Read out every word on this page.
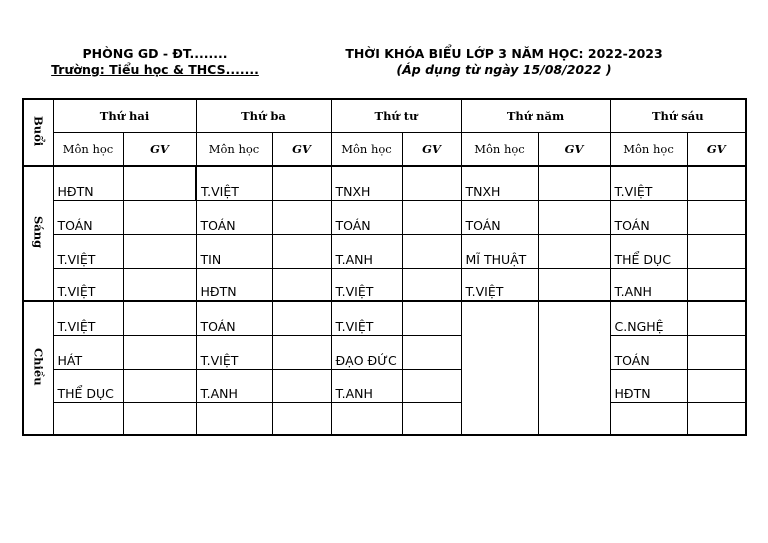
PHÒNG GD - ĐT........
Trường: Tiểu học & THCS.......
THỜI KHÓA BIỂU LỚP 3 NĂM HỌC: 2022-2023
(Áp dụng từ ngày 15/08/2022 )
Buổi	Thứ hai		Thứ ba		Thứ tư		Thứ năm		Thứ sáu	
	Môn học	GV	Môn học	GV	Môn học	GV	Môn học	GV	Môn học	GV
Sáng	HĐTN		T.VIỆT		TNXH		TNXH		T.VIỆT	
	TOÁN		TOÁN		TOÁN		TOÁN		TOÁN	
	T.VIỆT		TIN		T.ANH		MĨ THUẬT		THỂ DỤC	
	T.VIỆT		HĐTN		T.VIỆT		T.VIỆT		T.ANH	
Chiều	T.VIỆT		TOÁN		T.VIỆT				C.NGHỆ	
	HÁT		T.VIỆT		ĐẠO ĐỨC				TOÁN	
	THỂ DỤC		T.ANH		T.ANH				HĐTN	
